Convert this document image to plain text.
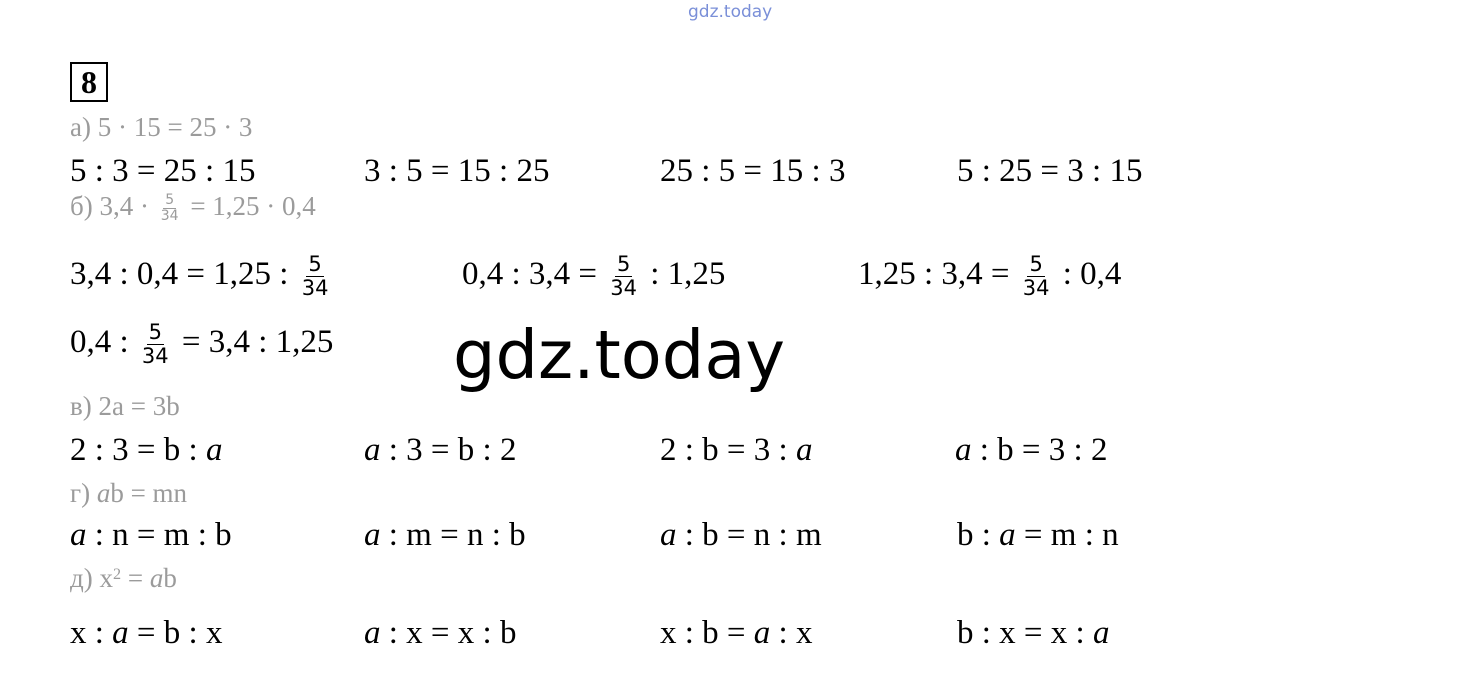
gdz.today
8
а) 5 · 15 = 25 · 3
5 : 3 = 25 : 15	3 : 5 = 15 : 25	25 : 5 = 15 : 3	5 : 25 = 3 : 15
б) $3,4 \cdot \frac{5}{34} = 1,25 \cdot 0,4$
3,4 : 0,4 = 1,25 : $\frac{5}{34}$	0,4 : $3,4 = \frac{5}{34}$ : 1,25	1,25 : $3,4 = \frac{5}{34}$ : 0,4
0,4 : $\frac{5}{34} = 3,4$ : 1,25 gdz.today
в) 2a = 3b
2 : 3 = b : a	a : 3 = b : 2	2 : b = 3 : a	a : b = 3 : 2
г) ab = mn
a : n = m : b	a : m = n : b	a : b = n : m	b : a = m : n
д) $x^2$ = ab
x : a = b : x	a : x = x : b	x : b = a : x	b : x = x : a
